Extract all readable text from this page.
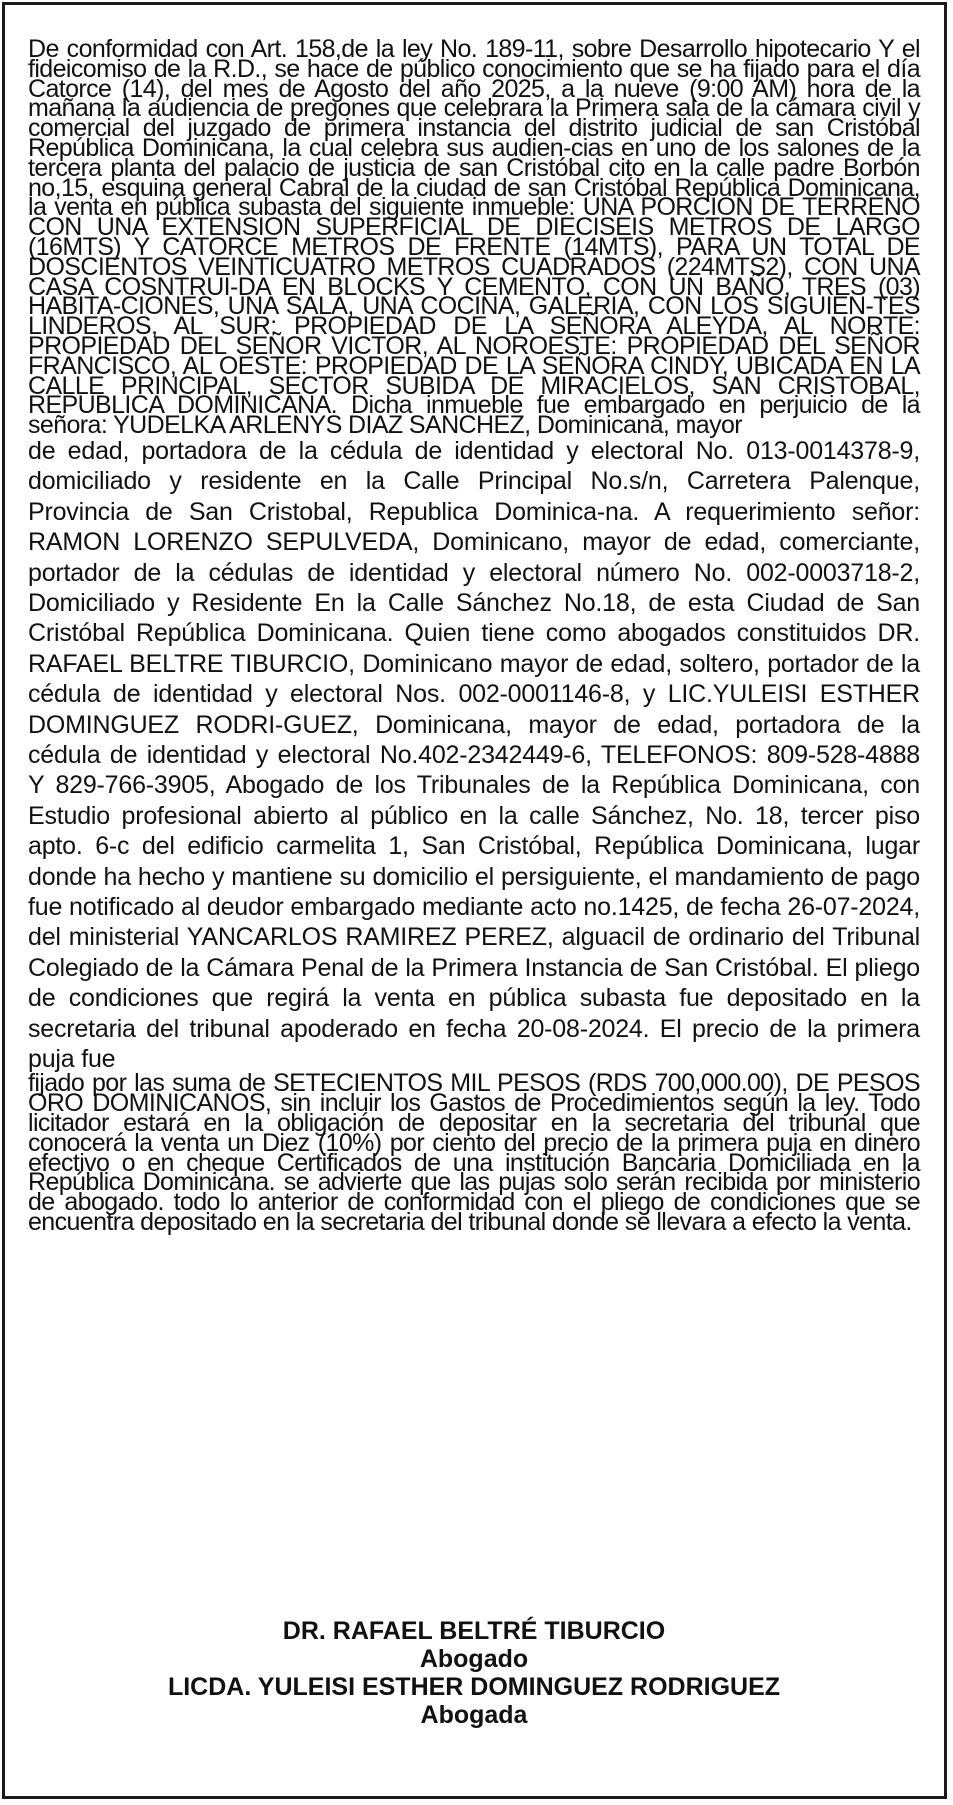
De conformidad con Art. 158,de la ley No. 189-11, sobre Desarrollo hipotecario Y el fideicomiso de la R.D., se hace de público conocimiento que se ha fijado para el día Catorce (14), del mes de Agosto del año 2025, a la nueve (9:00 AM) hora de la mañana la audiencia de pregones que celebrara la Primera sala de la cámara civil y comercial del juzgado de primera instancia del distrito judicial de san Cristóbal República Dominicana, la cual celebra sus audien-cias en uno de los salones de la tercera planta del palacio de justicia de san Cristóbal cito en la calle padre Borbón no,15, esquina general Cabral de la ciudad de san Cristóbal República Dominicana, la venta en pública subasta del siguiente inmueble: UNA PORCION DE TERRENO CON UNA EXTENSION SUPERFICIAL DE DIECISEIS METROS DE LARGO (16MTS) Y CATORCE METROS DE FRENTE (14MTS), PARA UN TOTAL DE DOSCIENTOS VEINTICUATRO METROS CUADRADOS (224MTS2), CON UNA CASA COSNTRUI-DA EN BLOCKS Y CEMENTO, CON UN BAÑO, TRES (03) HABITA-CIONES, UNA SALA, UNA COCINA, GALERIA, CON LOS SIGUIEN-TES LINDEROS, AL SUR: PROPIEDAD DE LA SEÑORA ALEYDA, AL NORTE: PROPIEDAD DEL SEÑOR VICTOR, AL NOROESTE: PROPIEDAD DEL SEÑOR FRANCISCO, AL OESTE: PROPIEDAD DE LA SEÑORA CINDY, UBICADA EN LA CALLE PRINCIPAL, SECTOR SUBIDA DE MIRACIELOS, SAN CRISTOBAL, REPUBLICA DOMINICANA. Dicha inmueble fue embargado en perjuicio de la señora: YUDELKA ARLENYS DIAZ SANCHEZ, Dominicana, mayor

de edad, portadora de la cédula de identidad y electoral No. 013-0014378-9, domiciliado y residente en la Calle Principal No.s/n, Carretera Palenque, Provincia de San Cristobal, Republica Dominica-na. A requerimiento señor: RAMON LORENZO SEPULVEDA, Dominicano, mayor de edad, comerciante, portador de la cédulas de identidad y electoral número No. 002-0003718-2, Domiciliado y Residente En la Calle Sánchez No.18, de esta Ciudad de San Cristóbal República Dominicana. Quien tiene como abogados constituidos DR. RAFAEL BELTRE TIBURCIO, Dominicano mayor de edad, soltero, portador de la cédula de identidad y electoral Nos. 002-0001146-8, y LIC.YULEISI ESTHER DOMINGUEZ RODRI-GUEZ, Dominicana, mayor de edad, portadora de la cédula de identidad y electoral No.402-2342449-6, TELEFONOS: 809-528-4888 Y 829-766-3905, Abogado de los Tribunales de la República Dominicana, con Estudio profesional abierto al público en la calle Sánchez, No. 18, tercer piso apto. 6-c del edificio carmelita 1, San Cristóbal, República Dominicana, lugar donde ha hecho y mantiene su domicilio el persiguiente, el mandamiento de pago fue notificado al deudor embargado mediante acto no.1425, de fecha 26-07-2024, del ministerial YANCARLOS RAMIREZ PEREZ, alguacil de ordinario del Tribunal Colegiado de la Cámara Penal de la Primera Instancia de San Cristóbal. El pliego de condiciones que regirá la venta en pública subasta fue depositado en la secretaria del tribunal apoderado en fecha 20-08-2024. El precio de la primera puja fue

fijado por las suma de SETECIENTOS MIL PESOS (RDS 700,000.00), DE PESOS ORO DOMINICANOS, sin incluir los Gastos de Procedimientos según la ley. Todo licitador estará en la obligación de depositar en la secretaria del tribunal que conocerá la venta un Diez (10%) por ciento del precio de la primera puja en dinero efectivo o en cheque Certificados de una institución Bancaria Domiciliada en la República Dominicana. se advierte que las pujas solo serán recibida por ministerio de abogado. todo lo anterior de conformidad con el pliego de condiciones que se encuentra depositado en la secretaria del tribunal donde se llevara a efecto la venta.

DR. RAFAEL BELTRÉ TIBURCIO
Abogado
LICDA. YULEISI ESTHER DOMINGUEZ RODRIGUEZ
Abogada
